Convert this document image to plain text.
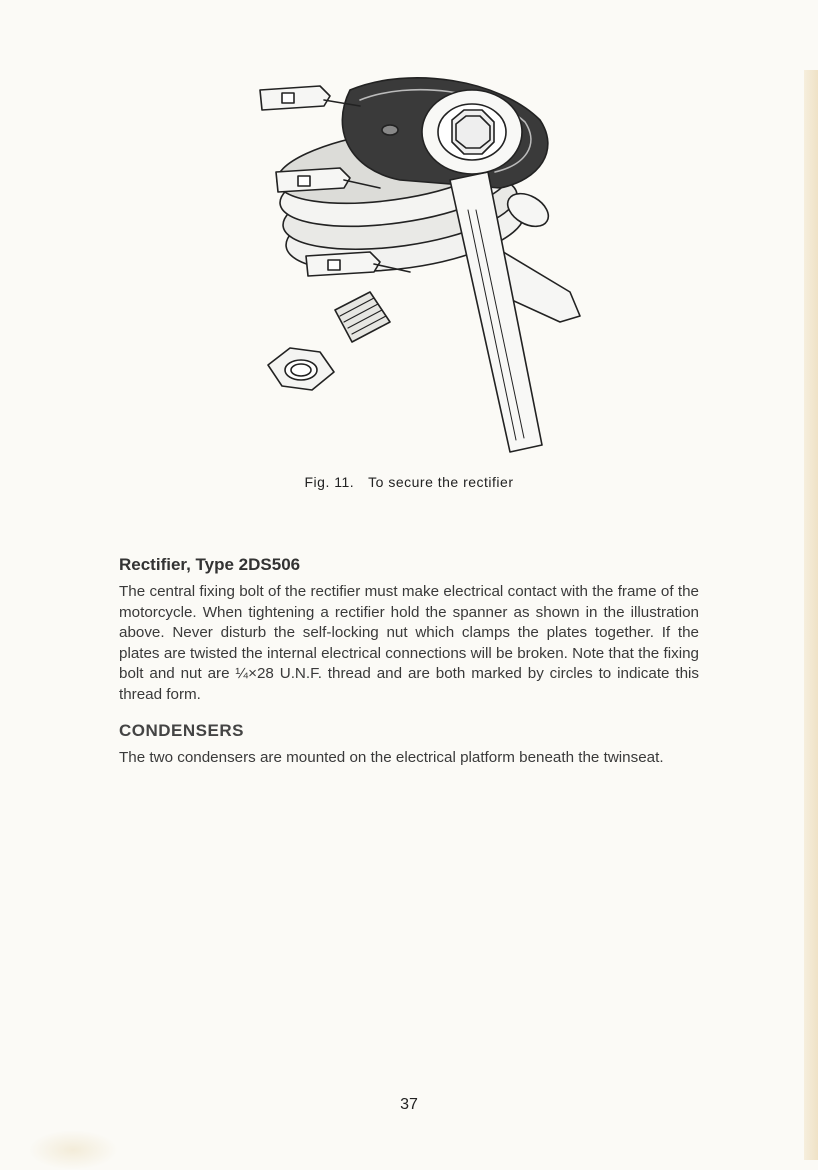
Fig. 11. To secure the rectifier
Rectifier, Type 2DS506

The central fixing bolt of the rectifier must make electrical contact with the frame of the motorcycle. When tightening a rectifier hold the spanner as shown in the illustration above. Never disturb the self-locking nut which clamps the plates together. If the plates are twisted the internal electrical connections will be broken. Note that the fixing bolt and nut are ¼×28 U.N.F. thread and are both marked by circles to indicate this thread form.

CONDENSERS

The two condensers are mounted on the electrical platform beneath the twinseat.

37
